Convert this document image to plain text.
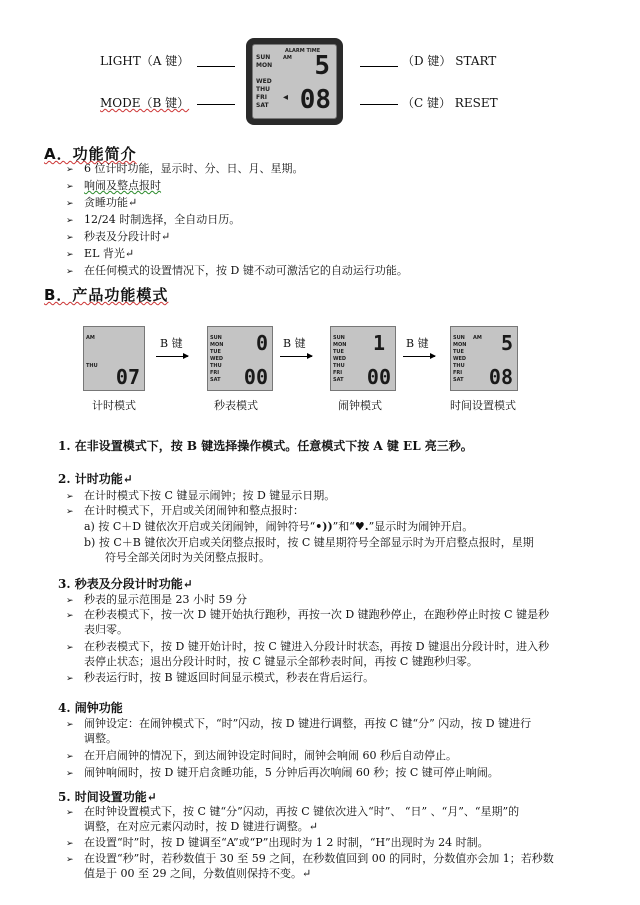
LIGHT（A 键）
MODE（B 键）
（D 键） START
（C 键） RESET
ALARM TIME
SUN	AM
MON
WED
THU
FRI
SAT
5
08
◂
A．功能简介
➢ 6 位计时功能，显示时、分、日、月、星期。
➢ 响闹及整点报时
➢ 贪睡功能↵
➢ 12/24 时制选择，全自动日历。
➢ 秒表及分段计时↵
➢ EL 背光↵
➢ 在任何模式的设置情况下，按 D 键不动可激活它的自动运行功能。
B．产品功能模式
AM
THU 07
计时模式
B 键	SUN
MON
TUE
WED
THU
FRI
SAT
0
00
秒表模式
B 键	SUN
MON
TUE
WED
THU
FRI
SAT
1
00
闹钟模式
B 键	SUN AM
MON
TUE
WED
THU
FRI
SAT
5
08
时间设置模式
1. 在非设置模式下，按 B 键选择操作模式。任意模式下按 A 键 EL 亮三秒。
2. 计时功能↵
➢ 在计时模式下按 C 键显示闹钟；按 D 键显示日期。
➢ 在计时模式下，开启或关闭闹钟和整点报时：
a) 按 C＋D 键依次开启或关闭闹钟，闹钟符号“•))”和“♥.”显示时为闹钟开启。
b) 按 C＋B 键依次开启或关闭整点报时，按 C 键星期符号全部显示时为开启整点报时，星期
符号全部关闭时为关闭整点报时。
3. 秒表及分段计时功能↵
➢ 秒表的显示范围是 23 小时 59 分
➢ 在秒表模式下，按一次 D 键开始执行跑秒，再按一次 D 键跑秒停止，在跑秒停止时按 C 键是秒
表归零。
➢ 在秒表模式下，按 D 键开始计时，按 C 键进入分段计时状态，再按 D 键退出分段计时，进入秒
表停止状态；退出分段计时时，按 C 键显示全部秒表时间，再按 C 键跑秒归零。
➢ 秒表运行时，按 B 键返回时间显示模式，秒表在背后运行。
4. 闹钟功能
➢ 闹钟设定：在闹钟模式下，“时”闪动，按 D 键进行调整，再按 C 键“分” 闪动，按 D 键进行
调整。
➢ 在开启闹钟的情况下，到达闹钟设定时间时，闹钟会响闹 60 秒后自动停止。
➢ 闹钟响闹时，按 D 键开启贪睡功能，5 分钟后再次响闹 60 秒；按 C 键可停止响闹。
5. 时间设置功能↵
➢ 在时钟设置模式下，按 C 键“分”闪动，再按 C 键依次进入“时”、 “日” 、“月”、“星期”的
调整，在对应元素闪动时，按 D 键进行调整。↵
➢ 在设置“时”时，按 D 键调至“A”或“P”出现时为 1 2 时制，“H”出现时为 24 时制。
➢ 在设置“秒”时，若秒数值于 30 至 59 之间，在秒数值回到 00 的同时，分数值亦会加 1；若秒数
值是于 00 至 29 之间，分数值则保持不变。↵
